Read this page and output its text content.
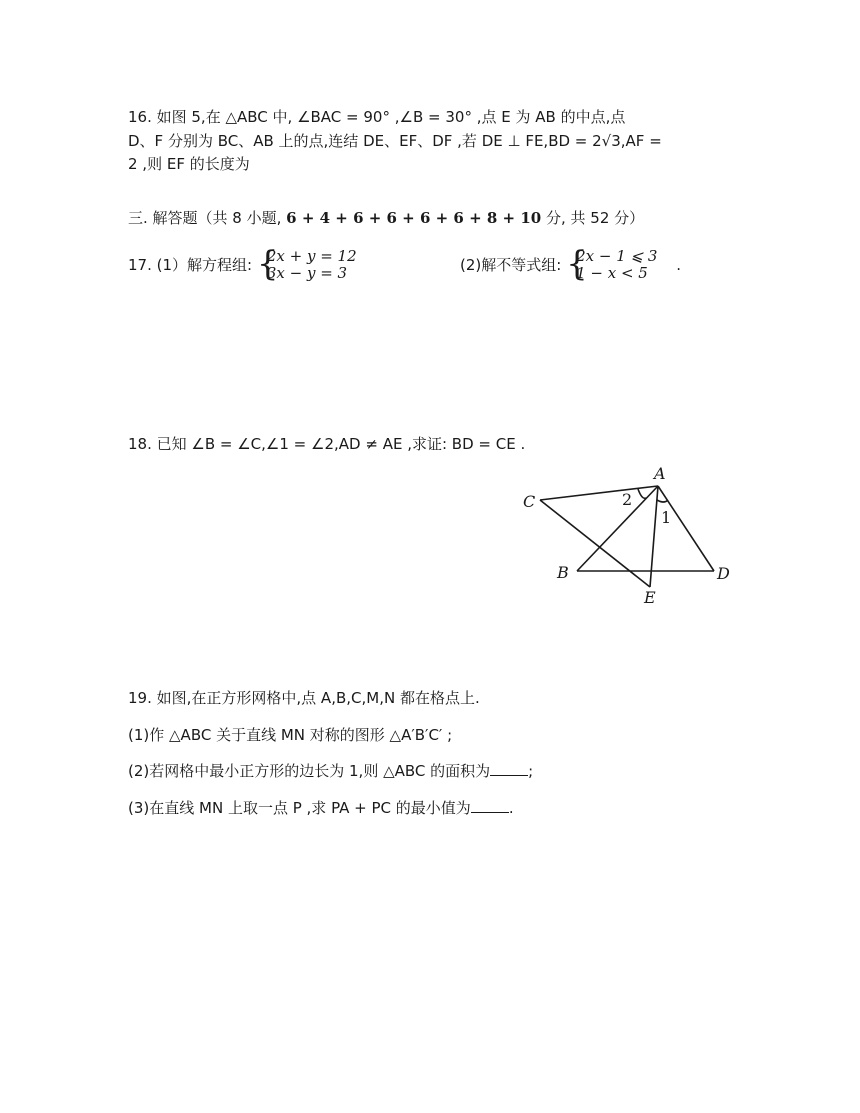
16. 如图 5,在 △ABC 中, ∠BAC = 90° ,∠B = 30° ,点 E 为 AB 的中点,点
D、F 分别为 BC、AB 上的点,连结 DE、EF、DF ,若 DE ⊥ FE,BD = 2√3,AF =
2 ,则 EF 的长度为
三. 解答题（共 8 小题, 6 + 4 + 6 + 6 + 6 + 6 + 8 + 10 分, 共 52 分）
17. (1）解方程组: {
2x + y = 12
3x − y = 3	(2)解不等式组: {
2x − 1 ⩽ 3
1 − x < 5	.
18. 已知 ∠B = ∠C,∠1 = ∠2,AD ≠ AE ,求证: BD = CE .
A
C	2
1
B	D
E
19. 如图,在正方形网格中,点 A,B,C,M,N 都在格点上.
(1)作 △ABC 关于直线 MN 对称的图形 △A′B′C′ ;
(2)若网格中最小正方形的边长为 1,则 △ABC 的面积为	;
(3)在直线 MN 上取一点 P ,求 PA + PC 的最小值为	.
